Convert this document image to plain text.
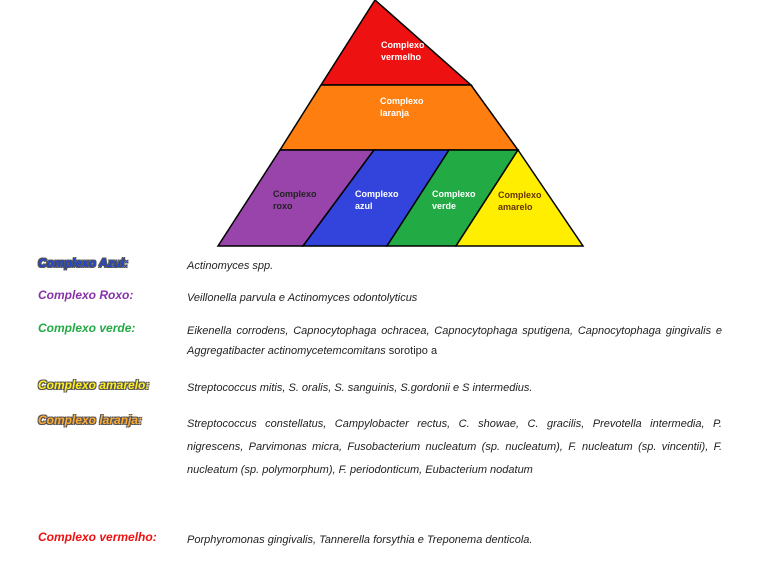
Complexo
vermelho
Complexo
laranja
Complexo
roxo
Complexo
azul
Complexo
verde
Complexo
amarelo
Complexo Azul:	Actinomyces spp.
Complexo Roxo:	Veillonella parvula e Actinomyces odontolyticus
Complexo verde:	Eikenella corrodens, Capnocytophaga ochracea, Capnocytophaga sputigena, Capnocytophaga gingivalis e Aggregatibacter actinomycetemcomitans sorotipo a
Complexo amarelo:	Streptococcus mitis, S. oralis, S. sanguinis, S.gordonii e S intermedius.
Complexo laranja:	Streptococcus constellatus, Campylobacter rectus, C. showae, C. gracilis, Prevotella intermedia, P. nigrescens, Parvimonas micra, Fusobacterium nucleatum (sp. nucleatum), F. nucleatum (sp. vincentii), F. nucleatum (sp. polymorphum), F. periodonticum, Eubacterium nodatum
Complexo vermelho:	Porphyromonas gingivalis, Tannerella forsythia e Treponema denticola.
